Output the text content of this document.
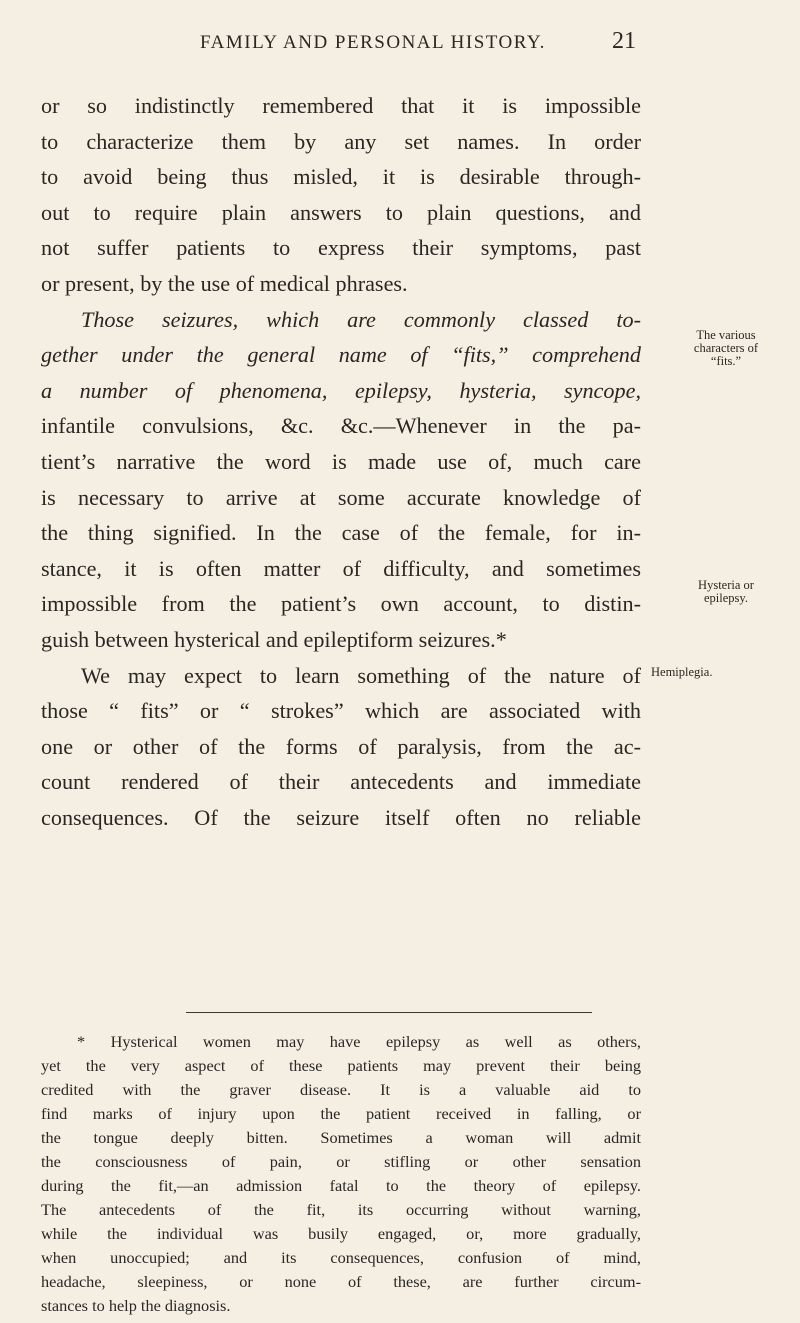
FAMILY AND PERSONAL HISTORY.	21
or so indistinctly remembered that it is impossible
to characterize them by any set names. In order
to avoid being thus misled, it is desirable through-
out to require plain answers to plain questions, and
not suffer patients to express their symptoms, past
or present, by the use of medical phrases.
Those seizures, which are commonly classed to-
gether under the general name of “fits,” comprehend
a number of phenomena, epilepsy, hysteria, syncope,
infantile convulsions, &c. &c.—Whenever in the pa-
tient’s narrative the word is made use of, much care
is necessary to arrive at some accurate knowledge of
the thing signified. In the case of the female, for in-
stance, it is often matter of difficulty, and sometimes
impossible from the patient’s own account, to distin-
guish between hysterical and epileptiform seizures.*
We may expect to learn something of the nature of
those “ fits” or “ strokes” which are associated with
one or other of the forms of paralysis, from the ac-
count rendered of their antecedents and immediate
consequences. Of the seizure itself often no reliable
The various
characters of
“fits.”
Hysteria or
epilepsy.
Hemiplegia.
* Hysterical women may have epilepsy as well as others,
yet the very aspect of these patients may prevent their being
credited with the graver disease. It is a valuable aid to
find marks of injury upon the patient received in falling, or
the tongue deeply bitten. Sometimes a woman will admit
the consciousness of pain, or stifling or other sensation
during the fit,—an admission fatal to the theory of epilepsy.
The antecedents of the fit, its occurring without warning,
while the individual was busily engaged, or, more gradually,
when unoccupied; and its consequences, confusion of mind,
headache, sleepiness, or none of these, are further circum-
stances to help the diagnosis.
